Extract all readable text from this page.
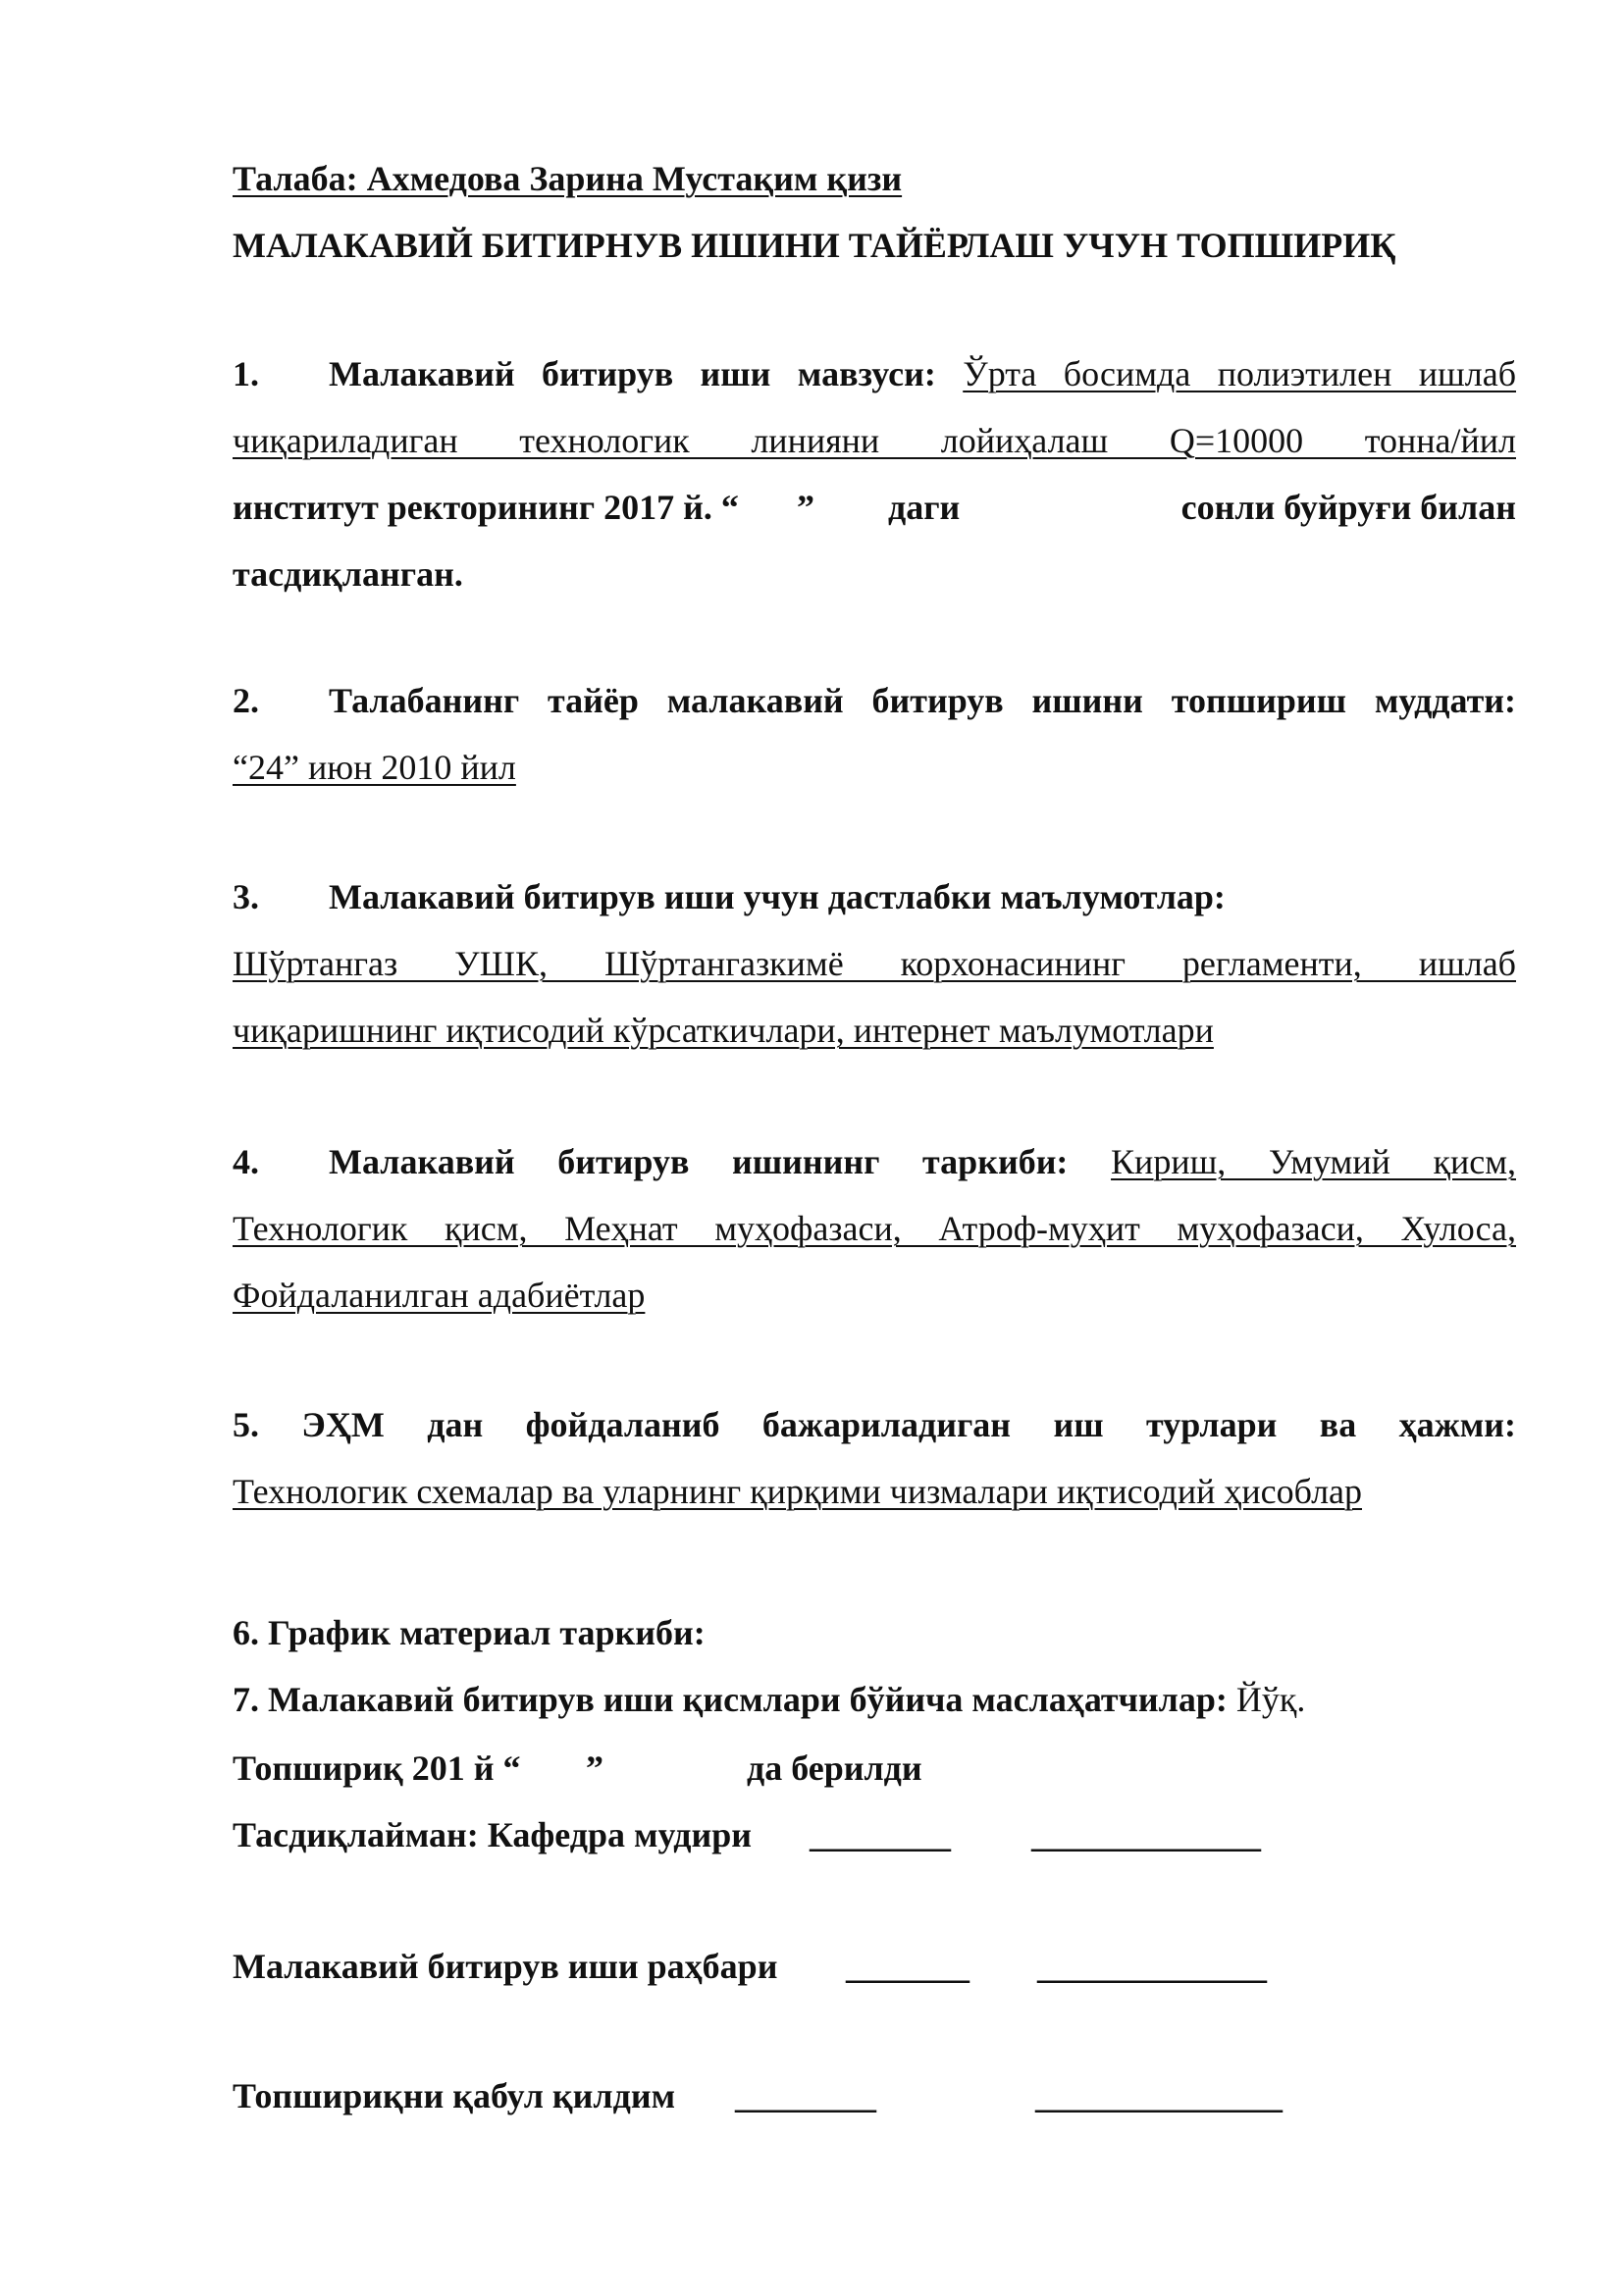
Талаба: Ахмедова Зарина Мустақим қизи
МАЛАКАВИЙ БИТИРНУВ ИШИНИ ТАЙЁРЛАШ УЧУН ТОПШИРИҚ
1. Малакавий битирув иши мавзуси: Ўрта босимда полиэтилен ишлаб
чиқариладиган технологик линияни лойиҳалаш Q=10000 тонна/йил
институт ректорининг 2017 й. “ ” даги	сонли буйруғи билан
тасдиқланган.
2. Талабанинг тайёр малакавий битирув ишини топшириш муддати:
“24” июн 2010 йил
3. Малакавий битирув иши учун дастлабки маълумотлар:
Шўртангаз УШК, Шўртангазкимё корхонасининг регламенти, ишлаб
чиқаришнинг иқтисодий кўрсаткичлари, интернет маълумотлари
4. Малакавий битирув ишининг таркиби: Кириш, Умумий қисм,
Технологик қисм, Меҳнат муҳофазаси, Атроф-муҳит муҳофазаси, Хулоса,
Фойдаланилган адабиётлар
5. ЭҲМ дан фойдаланиб бажариладиган иш турлари ва ҳажми:
Технологик схемалар ва уларнинг қирқими чизмалари иқтисодий ҳисоблар
6. График материал таркиби:
7. Малакавий битирув иши қисмлари бўйича маслаҳатчилар: Йўқ.
Топшириқ 201 й “ ”	да берилди
Тасдиқлайман: Кафедра мудири ________ _____________
Малакавий битирув иши раҳбари _______ _____________
Топшириқни қабул қилдим ________	______________
